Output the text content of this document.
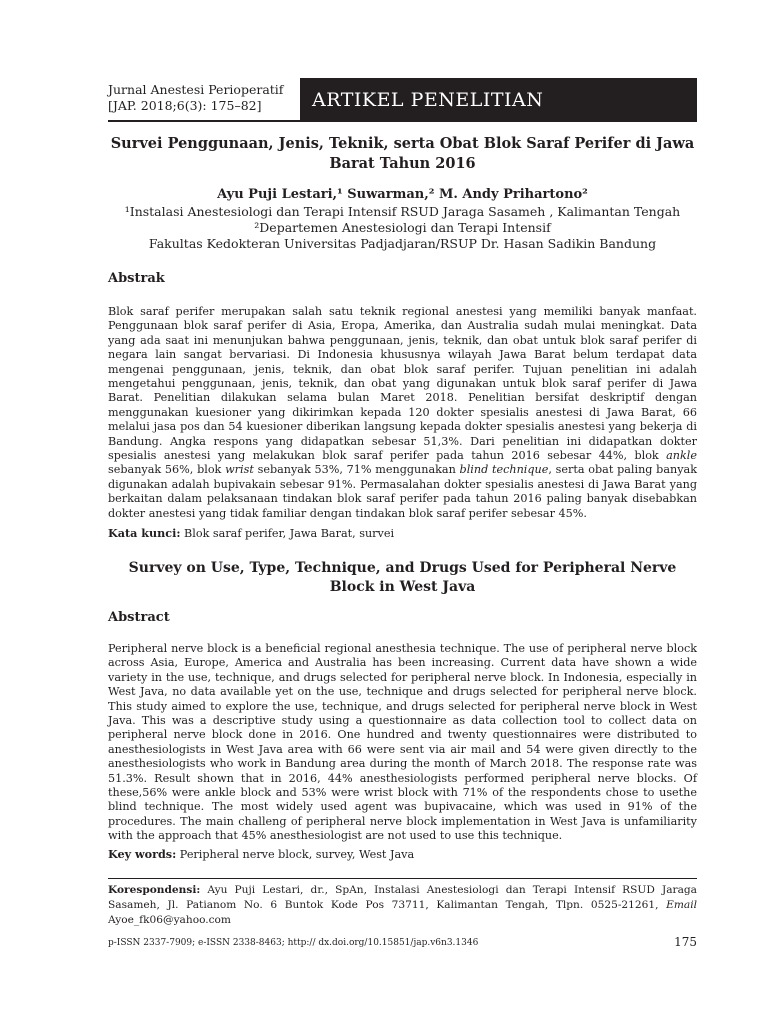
Jurnal Anestesi Perioperatif
[JAP. 2018;6(3): 175–82]	ARTIKEL PENELITIAN
Survei Penggunaan, Jenis, Teknik, serta Obat Blok Saraf Perifer di Jawa Barat Tahun 2016
Ayu Puji Lestari,¹ Suwarman,² M. Andy Prihartono²
¹Instalasi Anestesiologi dan Terapi Intensif RSUD Jaraga Sasameh , Kalimantan Tengah
²Departemen Anestesiologi dan Terapi Intensif
Fakultas Kedokteran Universitas Padjadjaran/RSUP Dr. Hasan Sadikin Bandung
Abstrak
Blok saraf perifer merupakan salah satu teknik regional anestesi yang memiliki banyak manfaat. Penggunaan blok saraf perifer di Asia, Eropa, Amerika, dan Australia sudah mulai meningkat. Data yang ada saat ini menunjukan bahwa penggunaan, jenis, teknik, dan obat untuk blok saraf perifer di negara lain sangat bervariasi. Di Indonesia khususnya wilayah Jawa Barat belum terdapat data mengenai penggunaan, jenis, teknik, dan obat blok saraf perifer. Tujuan penelitian ini adalah mengetahui penggunaan, jenis, teknik, dan obat yang digunakan untuk blok saraf perifer di Jawa Barat. Penelitian dilakukan selama bulan Maret 2018. Penelitian bersifat deskriptif dengan menggunakan kuesioner yang dikirimkan kepada 120 dokter spesialis anestesi di Jawa Barat, 66 melalui jasa pos dan 54 kuesioner diberikan langsung kepada dokter spesialis anestesi yang bekerja di Bandung. Angka respons yang didapatkan sebesar 51,3%. Dari penelitian ini didapatkan dokter spesialis anestesi yang melakukan blok saraf perifer pada tahun 2016 sebesar 44%, blok ankle sebanyak 56%, blok wrist sebanyak 53%, 71% menggunakan blind technique, serta obat paling banyak digunakan adalah bupivakain sebesar 91%. Permasalahan dokter spesialis anestesi di Jawa Barat yang berkaitan dalam pelaksanaan tindakan blok saraf perifer pada tahun 2016 paling banyak disebabkan dokter anestesi yang tidak familiar dengan tindakan blok saraf perifer sebesar 45%.
Kata kunci: Blok saraf perifer, Jawa Barat, survei
Survey on Use, Type, Technique, and Drugs Used for Peripheral Nerve Block in West Java
Abstract
Peripheral nerve block is a beneficial regional anesthesia technique. The use of peripheral nerve block across Asia, Europe, America and Australia has been increasing. Current data have shown a wide variety in the use, technique, and drugs selected for peripheral nerve block. In Indonesia, especially in West Java, no data available yet on the use, technique and drugs selected for peripheral nerve block. This study aimed to explore the use, technique, and drugs selected for peripheral nerve block in West Java. This was a descriptive study using a questionnaire as data collection tool to collect data on peripheral nerve block done in 2016. One hundred and twenty questionnaires were distributed to anesthesiologists in West Java area with 66 were sent via air mail and 54 were given directly to the anesthesiologists who work in Bandung area during the month of March 2018. The response rate was 51.3%. Result shown that in 2016, 44% anesthesiologists performed peripheral nerve blocks. Of these,56% were ankle block and 53% were wrist block with 71% of the respondents chose to usethe blind technique. The most widely used agent was bupivacaine, which was used in 91% of the procedures. The main challeng of peripheral nerve block implementation in West Java is unfamiliarity with the approach that 45% anesthesiologist are not used to use this technique.
Key words: Peripheral nerve block, survey, West Java
Korespondensi: Ayu Puji Lestari, dr., SpAn, Instalasi Anestesiologi dan Terapi Intensif RSUD Jaraga Sasameh, Jl. Patianom No. 6 Buntok Kode Pos 73711, Kalimantan Tengah, Tlpn. 0525-21261, Email Ayoe_fk06@yahoo.com
p-ISSN 2337-7909; e-ISSN 2338-8463; http:// dx.doi.org/10.15851/jap.v6n3.1346	175
